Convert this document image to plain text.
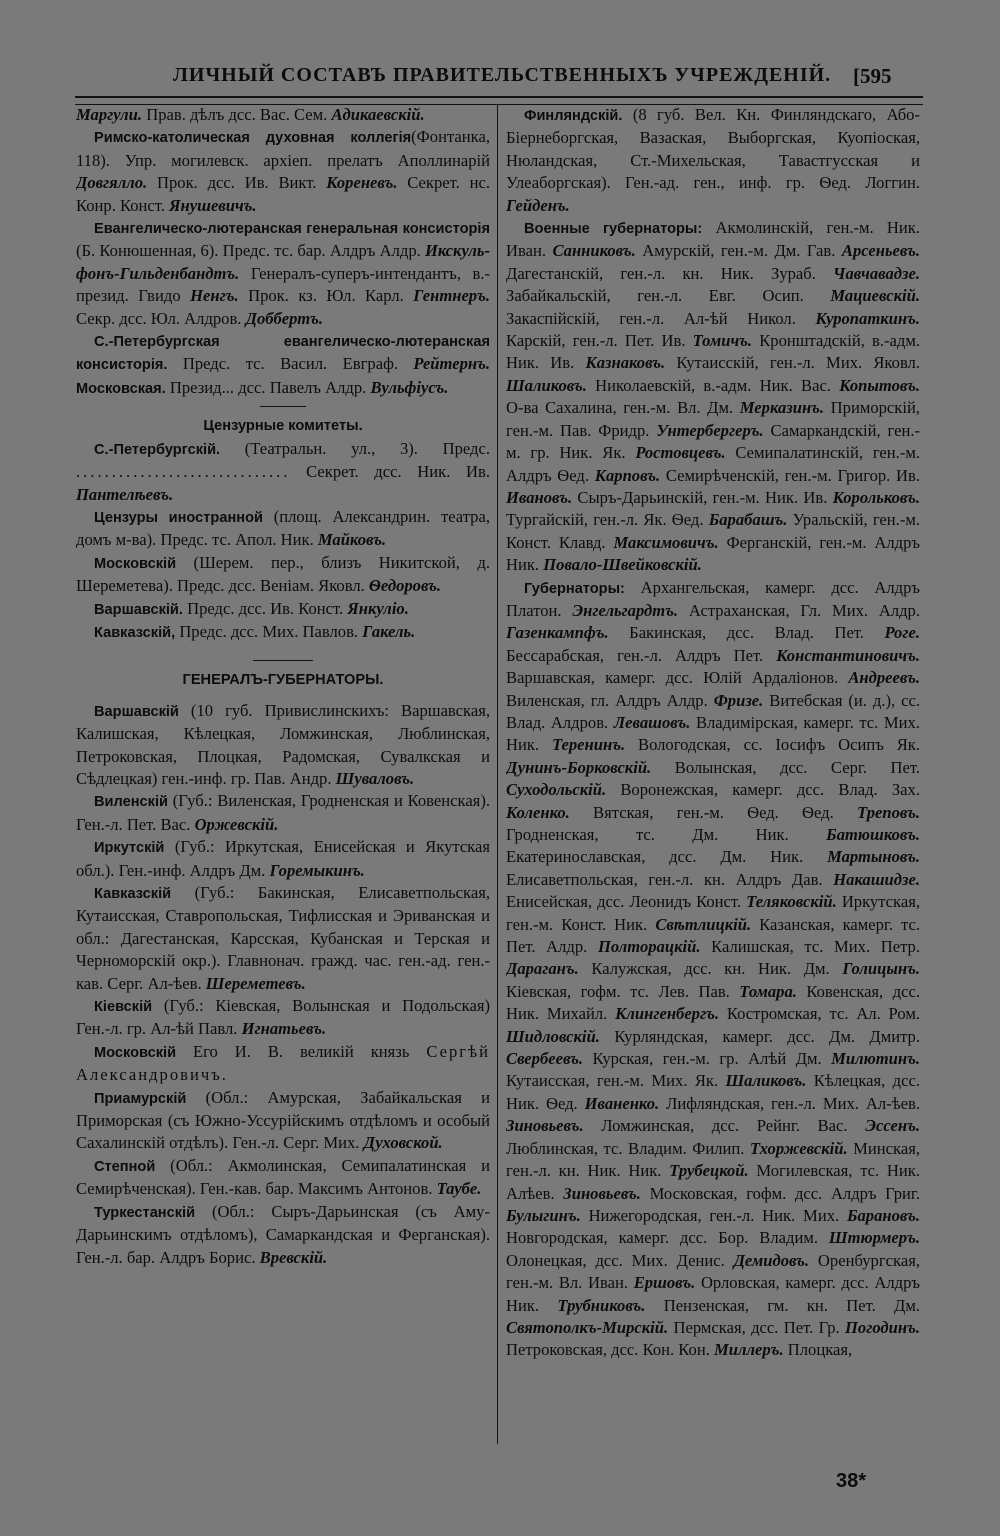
ЛИЧНЫЙ СОСТАВЪ ПРАВИТЕЛЬСТВЕННЫХЪ УЧРЕЖДЕНІЙ. [595

Маргули. Прав. дѣлъ дсс. Вас. Сем. Адикаевскій.

Римско-католическая духовная коллегія(Фонтанка, 118). Упр. могилевск. архіеп. прелатъ Аполлинарій Довгялло. Прок. дсс. Ив. Викт. Кореневъ. Секрет. нс. Конр. Конст. Янушевичъ.

Евангелическо-лютеранская генеральная консисторія (Б. Конюшенная, 6). Предс. тс. бар. Алдръ Алдр. Икскуль-фонъ-Гильденбандтъ. Генералъ-суперъ-интендантъ, в.-презид. Гвидо Ненгъ. Прок. кз. Юл. Карл. Гентнеръ. Секр. дсс. Юл. Алдров. Доббертъ.

С.-Петербургская евангелическо-лютеранская консисторія. Предс. тс. Васил. Евграф. Рейтернъ. Московская. Презид... дсс. Павелъ Алдр. Вульфіусъ.

Цензурные комитеты.

С.-Петербургскій. (Театральн. ул., 3). Предс. .............................. Секрет. дсс. Ник. Ив. Пантелѣевъ.

Цензуры иностранной (площ. Александрин. театра, домъ м-ва). Предс. тс. Апол. Ник. Майковъ.

Московскій (Шерем. пер., близъ Никитской, д. Шереметева). Предс. дсс. Веніам. Яковл. Ѳедоровъ.

Варшавскій. Предс. дсс. Ив. Конст. Янкуліо.

Кавказскій, Предс. дсс. Мих. Павлов. Гакель.

ГЕНЕРАЛЪ-ГУБЕРНАТОРЫ.

Варшавскій (10 губ. Привислинскихъ: Варшавская, Калишская, Кѣлецкая, Ломжинская, Люблинская, Петроковская, Плоцкая, Радомская, Сувалкская и Сѣдлецкая) ген.-инф. гр. Пав. Андр. Шуваловъ.

Виленскій (Губ.: Виленская, Гродненская и Ковенская). Ген.-л. Пет. Вас. Оржевскій.

Иркутскій (Губ.: Иркутская, Енисейская и Якутская обл.). Ген.-инф. Алдръ Дм. Горемыкинъ.

Кавказскій (Губ.: Бакинская, Елисаветпольская, Кутаисская, Ставропольская, Тифлисская и Эриванская и обл.: Дагестанская, Карсская, Кубанская и Терская и Черноморскій окр.). Главнонач. гражд. час. ген.-ад. ген.-кав. Серг. Ал-ѣев. Шереметевъ.

Кіевскій (Губ.: Кіевская, Волынская и Подольская) Ген.-л. гр. Ал-ѣй Павл. Игнатьевъ.

Московскій Его И. В. великій князь Сергѣй Александровичъ.

Приамурскій (Обл.: Амурская, Забайкальская и Приморская (съ Южно-Уссурійскимъ отдѣломъ и особый Сахалинскій отдѣлъ). Ген.-л. Серг. Мих. Духовской.

Степной (Обл.: Акмолинская, Семипалатинская и Семирѣченская). Ген.-кав. бар. Максимъ Антонов. Таубе.

Туркестанскій (Обл.: Сыръ-Дарьинская (съ Аму-Дарьинскимъ отдѣломъ), Самаркандская и Ферганская). Ген.-л. бар. Алдръ Борис. Вревскій.

Финляндскій. (8 губ. Вел. Кн. Финляндскаго, Або-Біернеборгская, Вазаская, Выборгская, Куопіоская, Нюландская, Ст.-Михельская, Тавастгусская и Улеаборгская). Ген.-ад. ген., инф. гр. Ѳед. Логгин. Гейденъ.

Военные губернаторы: Акмолинскій, ген.-м. Ник. Иван. Санниковъ. Амурскій, ген.-м. Дм. Гав. Арсеньевъ. Дагестанскій, ген.-л. кн. Ник. Зураб. Чавчавадзе. Забайкальскій, ген.-л. Евг. Осип. Мациевскій. Закаспійскій, ген.-л. Ал-ѣй Никол. Куропаткинъ. Карскій, ген.-л. Пет. Ив. Томичъ. Кронштадскій, в.-адм. Ник. Ив. Казнаковъ. Кутаисскій, ген.-л. Мих. Яковл. Шаликовъ. Николаевскій, в.-адм. Ник. Вас. Копытовъ. О-ва Сахалина, ген.-м. Вл. Дм. Мерказинъ. Приморскій, ген.-м. Пав. Фридр. Унтербергеръ. Самаркандскій, ген.-м. гр. Ник. Як. Ростовцевъ. Семипалатинскій, ген.-м. Алдръ Ѳед. Карповъ. Семирѣченскій, ген.-м. Григор. Ив. Ивановъ. Сыръ-Дарьинскій, ген.-м. Ник. Ив. Корольковъ. Тургайскій, ген.-л. Як. Ѳед. Барабашъ. Уральскій, ген.-м. Конст. Клавд. Максимовичъ. Ферганскій, ген.-м. Алдръ Ник. Повало-Швейковскій.

Губернаторы: Архангельская, камерг. дсс. Алдръ Платон. Энгельгардтъ. Астраханская, Гл. Мих. Алдр. Газенкампфъ. Бакинская, дсс. Влад. Пет. Роге. Бессарабская, ген.-л. Алдръ Пет. Константиновичъ. Варшавская, камерг. дсс. Юлій Ардаліонов. Андреевъ. Виленская, гл. Алдръ Алдр. Фризе. Витебская (и. д.), сс. Влад. Алдров. Левашовъ. Владимірская, камерг. тс. Мих. Ник. Теренинъ. Вологодская, сс. Іосифъ Осипъ Як. Дунинъ-Борковскій. Волынская, дсс. Серг. Пет. Суходольскій. Воронежская, камерг. дсс. Влад. Зах. Коленко. Вятская, ген.-м. Ѳед. Ѳед. Треповъ. Гродненская, тс. Дм. Ник. Батюшковъ. Екатеринославская, дсс. Дм. Ник. Мартыновъ. Елисаветпольская, ген.-л. кн. Алдръ Дав. Накашидзе. Енисейская, дсс. Леонидъ Конст. Теляковскій. Иркутская, ген.-м. Конст. Ник. Свѣтлицкій. Казанская, камерг. тс. Пет. Алдр. Полторацкій. Калишская, тс. Мих. Петр. Дараганъ. Калужская, дсс. кн. Ник. Дм. Голицынъ. Кіевская, гофм. тс. Лев. Пав. Томара. Ковенская, дсс. Ник. Михайл. Клингенбергъ. Костромская, тс. Ал. Ром. Шидловскій. Курляндская, камерг. дсс. Дм. Дмитр. Свербеевъ. Курская, ген.-м. гр. Алѣй Дм. Милютинъ. Кутаисская, ген.-м. Мих. Як. Шаликовъ. Кѣлецкая, дсс. Ник. Ѳед. Иваненко. Лифляндская, ген.-л. Мих. Ал-ѣев. Зиновьевъ. Ломжинская, дсс. Рейнг. Вас. Эссенъ. Люблинская, тс. Владим. Филип. Тхоржевскій. Минская, ген.-л. кн. Ник. Ник. Трубецкой. Могилевская, тс. Ник. Алѣев. Зиновьевъ. Московская, гофм. дсс. Алдръ Григ. Булыгинъ. Нижегородская, ген.-л. Ник. Мих. Барановъ. Новгородская, камерг. дсс. Бор. Владим. Штюрмеръ. Олонецкая, дсс. Мих. Денис. Демидовъ. Оренбургская, ген.-м. Вл. Иван. Ершовъ. Орловская, камерг. дсс. Алдръ Ник. Трубниковъ. Пензенская, гм. кн. Пет. Дм. Святополкъ-Мирскій. Пермская, дсс. Пет. Гр. Погодинъ. Петроковская, дсс. Кон. Кон. Миллеръ. Плоцкая,

38*
